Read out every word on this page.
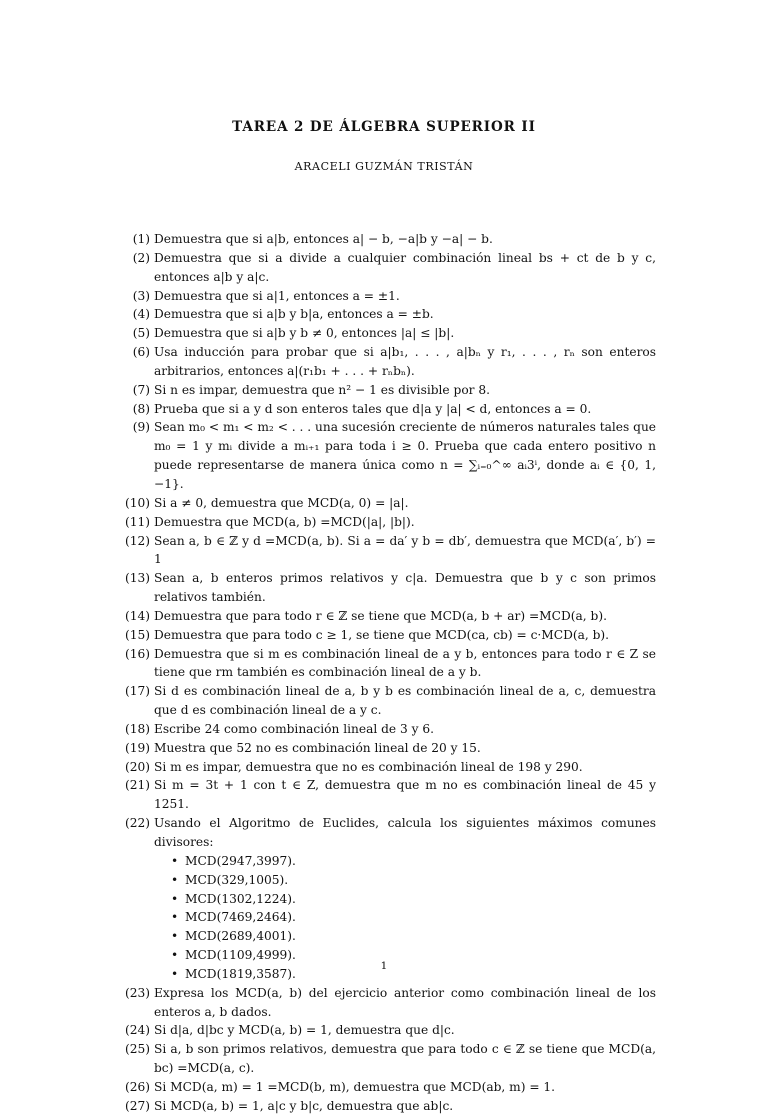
TAREA 2 DE ÁLGEBRA SUPERIOR II
ARACELI GUZMÁN TRISTÁN
(1) Demuestra que si a|b, entonces a| − b, −a|b y −a| − b.
(2) Demuestra que si a divide a cualquier combinación lineal bs + ct de b y c, entonces a|b y a|c.
(3) Demuestra que si a|1, entonces a = ±1.
(4) Demuestra que si a|b y b|a, entonces a = ±b.
(5) Demuestra que si a|b y b ≠ 0, entonces |a| ≤ |b|.
(6) Usa inducción para probar que si a|b₁, . . . , a|bₙ y r₁, . . . , rₙ son enteros arbitrarios, entonces a|(r₁b₁ + . . . + rₙbₙ).
(7) Si n es impar, demuestra que n² − 1 es divisible por 8.
(8) Prueba que si a y d son enteros tales que d|a y |a| < d, entonces a = 0.
(9) Sean m₀ < m₁ < m₂ < . . . una sucesión creciente de números naturales tales que m₀ = 1 y mᵢ divide a mᵢ₊₁ para toda i ≥ 0. Prueba que cada entero positivo n puede representarse de manera única como n = ∑ᵢ₌₀^∞ aᵢ3ⁱ, donde aᵢ ∈ {0, 1, −1}.
(10) Si a ≠ 0, demuestra que MCD(a, 0) = |a|.
(11) Demuestra que MCD(a, b) =MCD(|a|, |b|).
(12) Sean a, b ∈ ℤ y d =MCD(a, b). Si a = da′ y b = db′, demuestra que MCD(a′, b′) = 1
(13) Sean a, b enteros primos relativos y c|a. Demuestra que b y c son primos relativos también.
(14) Demuestra que para todo r ∈ ℤ se tiene que MCD(a, b + ar) =MCD(a, b).
(15) Demuestra que para todo c ≥ 1, se tiene que MCD(ca, cb) = c·MCD(a, b).
(16) Demuestra que si m es combinación lineal de a y b, entonces para todo r ∈ Z se tiene que rm también es combinación lineal de a y b.
(17) Si d es combinación lineal de a, b y b es combinación lineal de a, c, demuestra que d es combinación lineal de a y c.
(18) Escribe 24 como combinación lineal de 3 y 6.
(19) Muestra que 52 no es combinación lineal de 20 y 15.
(20) Si m es impar, demuestra que no es combinación lineal de 198 y 290.
(21) Si m = 3t + 1 con t ∈ Z, demuestra que m no es combinación lineal de 45 y 1251.
(22) Usando el Algoritmo de Euclides, calcula los siguientes máximos comunes divisores:
• MCD(2947,3997).
• MCD(329,1005).
• MCD(1302,1224).
• MCD(7469,2464).
• MCD(2689,4001).
• MCD(1109,4999).
• MCD(1819,3587).
(23) Expresa los MCD(a, b) del ejercicio anterior como combinación lineal de los enteros a, b dados.
(24) Si d|a, d|bc y MCD(a, b) = 1, demuestra que d|c.
(25) Si a, b son primos relativos, demuestra que para todo c ∈ ℤ se tiene que MCD(a, bc) =MCD(a, c).
(26) Si MCD(a, m) = 1 =MCD(b, m), demuestra que MCD(ab, m) = 1.
(27) Si MCD(a, b) = 1, a|c y b|c, demuestra que ab|c.
1
